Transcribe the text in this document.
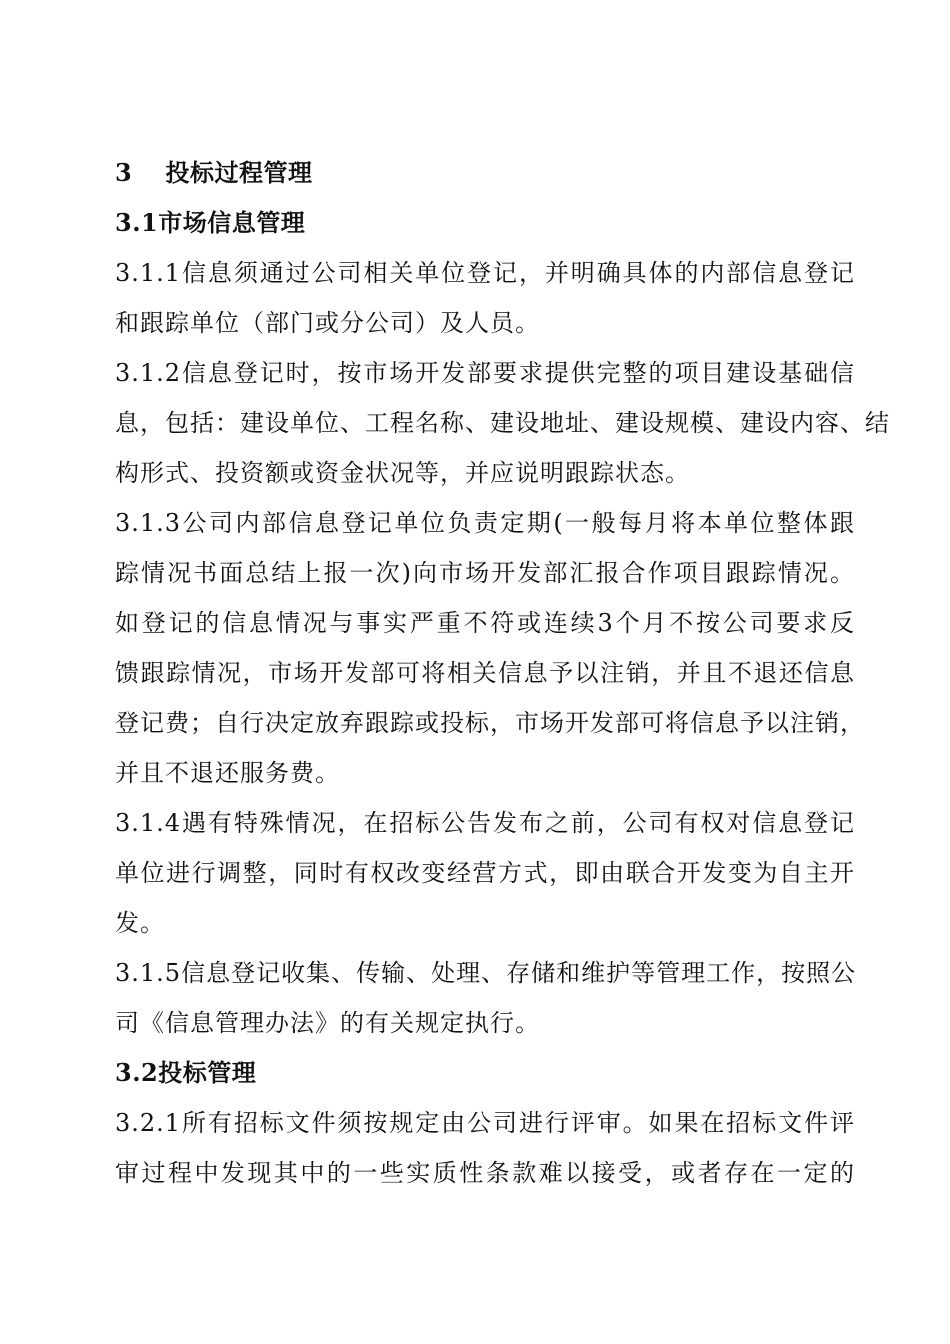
3　 投标过程管理
3.1市场信息管理
3.1.1信息须通过公司相关单位登记，并明确具体的内部信息登记
和跟踪单位（部门或分公司）及人员。
3.1.2信息登记时，按市场开发部要求提供完整的项目建设基础信
息，包括：建设单位、工程名称、建设地址、建设规模、建设内容、结
构形式、投资额或资金状况等，并应说明跟踪状态。
3.1.3公司内部信息登记单位负责定期(一般每月将本单位整体跟
踪情况书面总结上报一次)向市场开发部汇报合作项目跟踪情况。
如登记的信息情况与事实严重不符或连续3个月不按公司要求反
馈跟踪情况，市场开发部可将相关信息予以注销，并且不退还信息
登记费；自行决定放弃跟踪或投标，市场开发部可将信息予以注销，
并且不退还服务费。
3.1.4遇有特殊情况，在招标公告发布之前，公司有权对信息登记
单位进行调整，同时有权改变经营方式，即由联合开发变为自主开
发。
3.1.5信息登记收集、传输、处理、存储和维护等管理工作，按照公
司《信息管理办法》的有关规定执行。
3.2投标管理
3.2.1所有招标文件须按规定由公司进行评审。如果在招标文件评
审过程中发现其中的一些实质性条款难以接受，或者存在一定的
